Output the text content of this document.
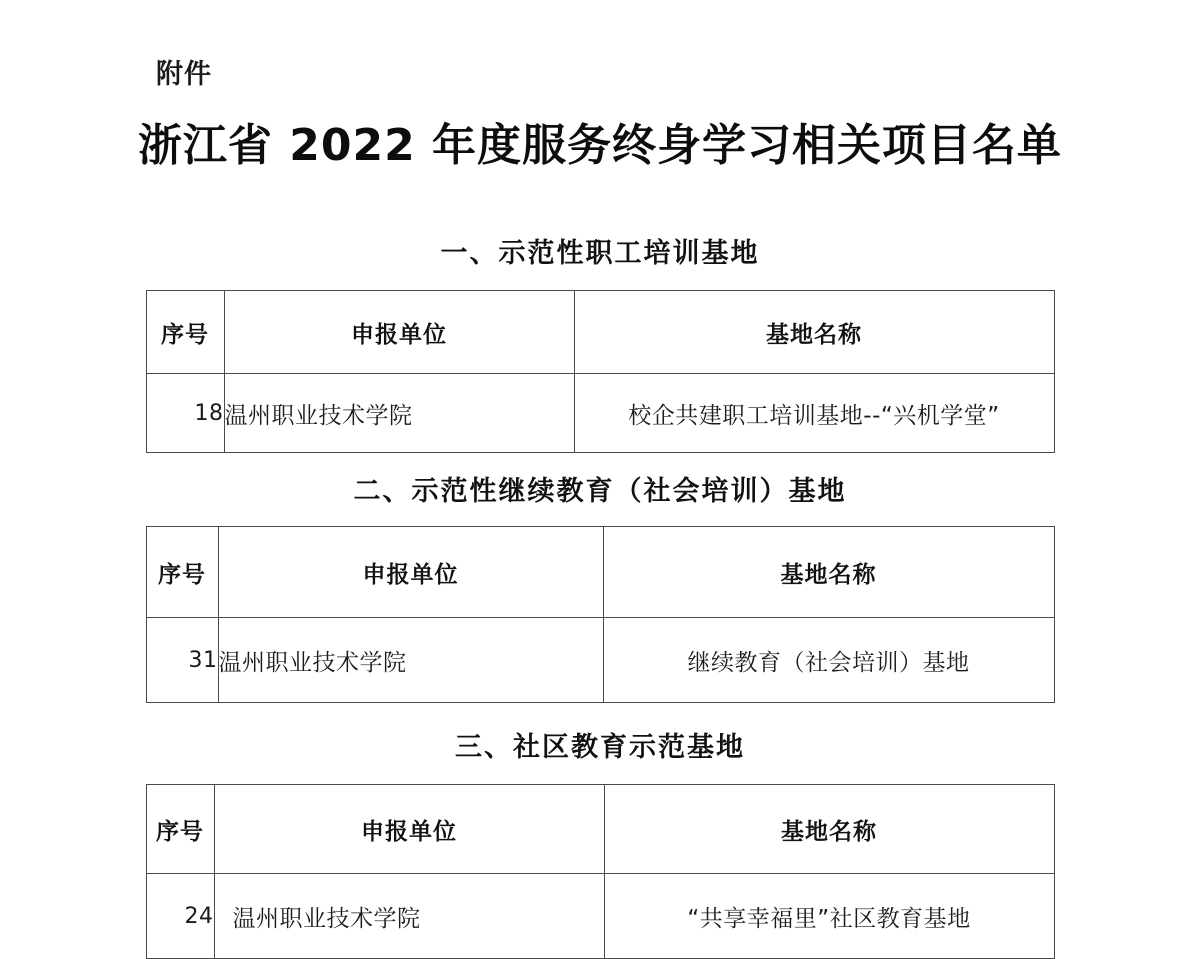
附件
浙江省 2022 年度服务终身学习相关项目名单
一、示范性职工培训基地
序号	申报单位	基地名称
18	温州职业技术学院	校企共建职工培训基地--“兴机学堂”
二、示范性继续教育（社会培训）基地
序号	申报单位	基地名称
31	温州职业技术学院	继续教育（社会培训）基地
三、社区教育示范基地
序号	申报单位	基地名称
24	温州职业技术学院	“共享幸福里”社区教育基地
